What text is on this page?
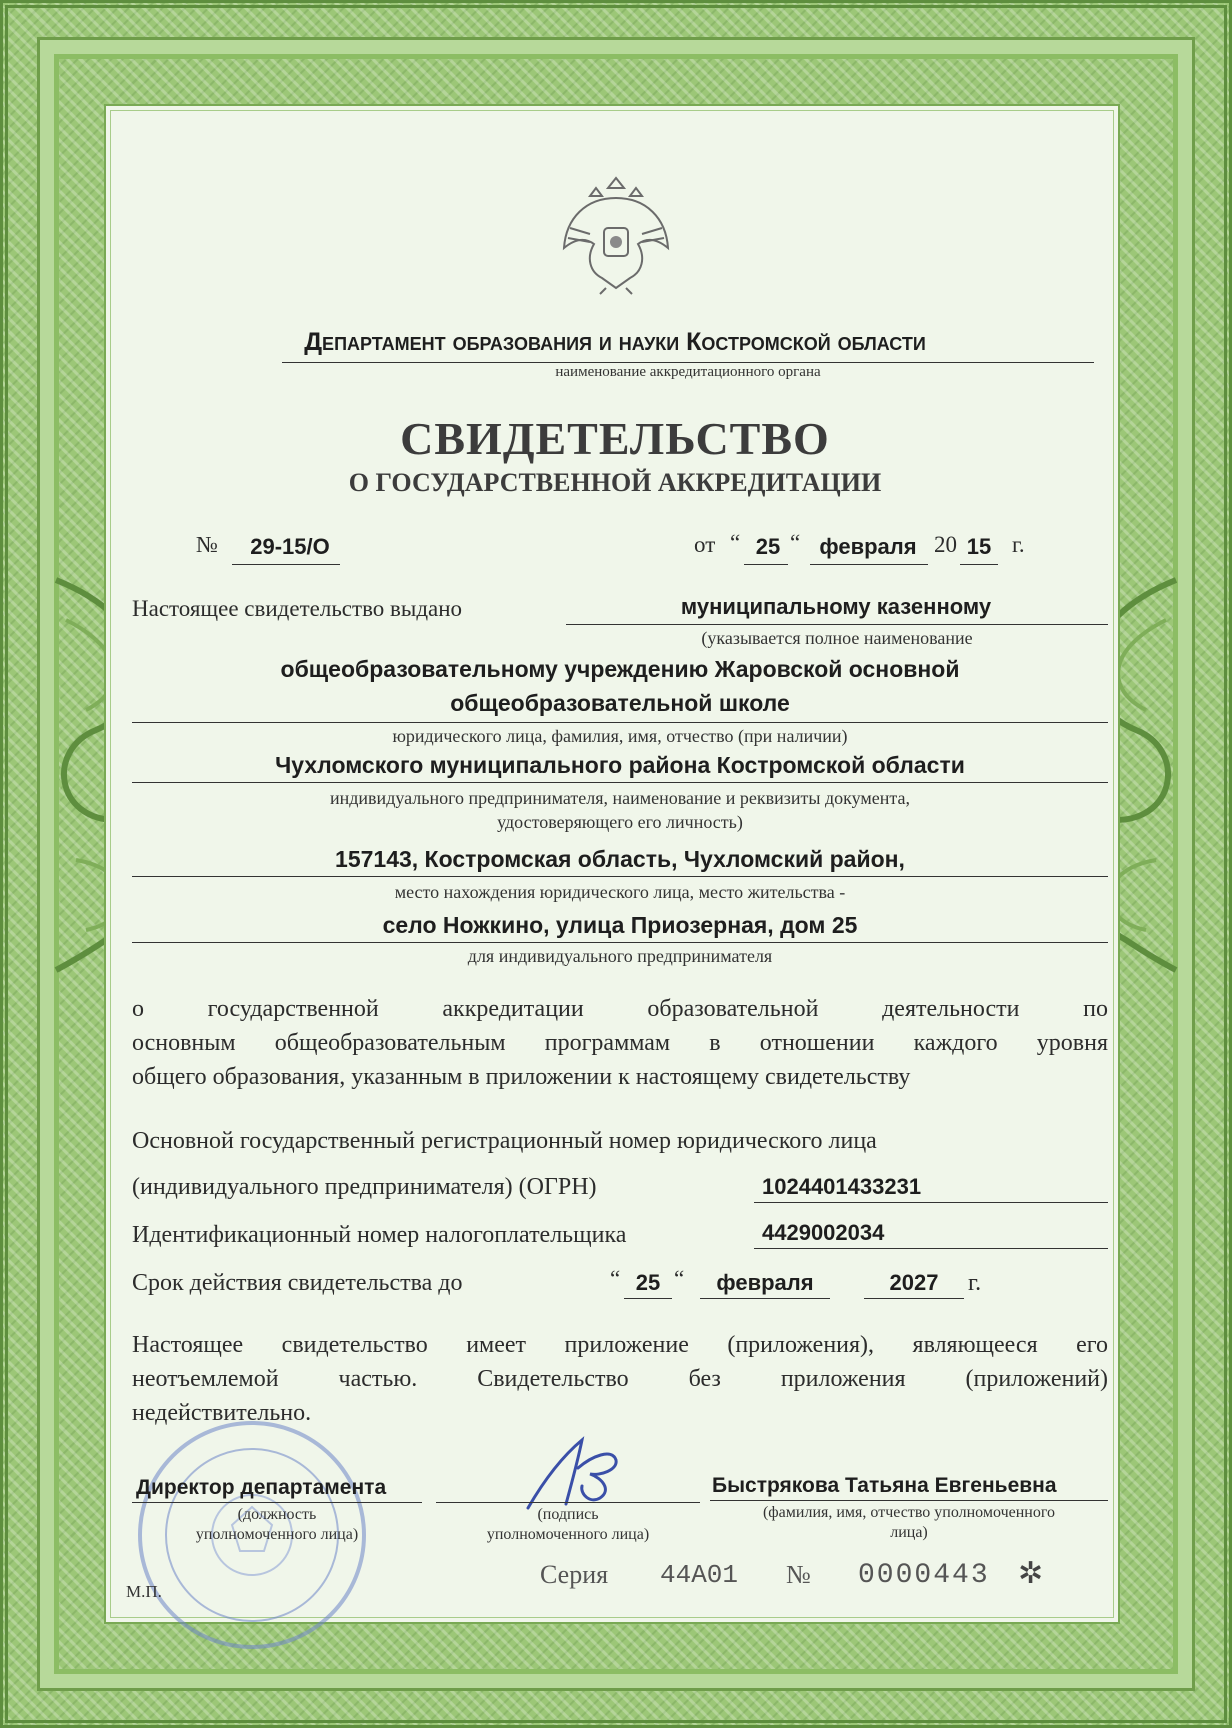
Департамент образования и науки Костромской области
наименование аккредитационного органа
СВИДЕТЕЛЬСТВО
О ГОСУДАРСТВЕННОЙ АККРЕДИТАЦИИ
№	29-15/О	от “ 25 “ февраля 20 15 г.
Настоящее свидетельство выдано	муниципальному казенному
(указывается полное наименование
общеобразовательному учреждению Жаровской основной
общеобразовательной школе
юридического лица, фамилия, имя, отчество (при наличии)
Чухломского муниципального района Костромской области
индивидуального предпринимателя, наименование и реквизиты документа,
удостоверяющего его личность)
157143, Костромская область, Чухломский район,
место нахождения юридического лица, место жительства -
село Ножкино, улица Приозерная, дом 25
для индивидуального предпринимателя
о государственной аккредитации образовательной деятельности по
основным общеобразовательным программам в отношении каждого уровня
общего образования, указанным в приложении к настоящему свидетельству
Основной государственный регистрационный номер юридического лица
(индивидуального предпринимателя) (ОГРН)	1024401433231
Идентификационный номер налогоплательщика	4429002034
Срок действия свидетельства до	“ 25 “	февраля	2027	г.
Настоящее свидетельство имеет приложение (приложения), являющееся его
неотъемлемой частью. Свидетельство без приложения (приложений)
недействительно.
Директор департамента
(должность
уполномоченного лица)
(подпись
уполномоченного лица)
Быстрякова Татьяна Евгеньевна
(фамилия, имя, отчество уполномоченного
лица)
М.П.
Серия 44А01 № 0000443 ✲
